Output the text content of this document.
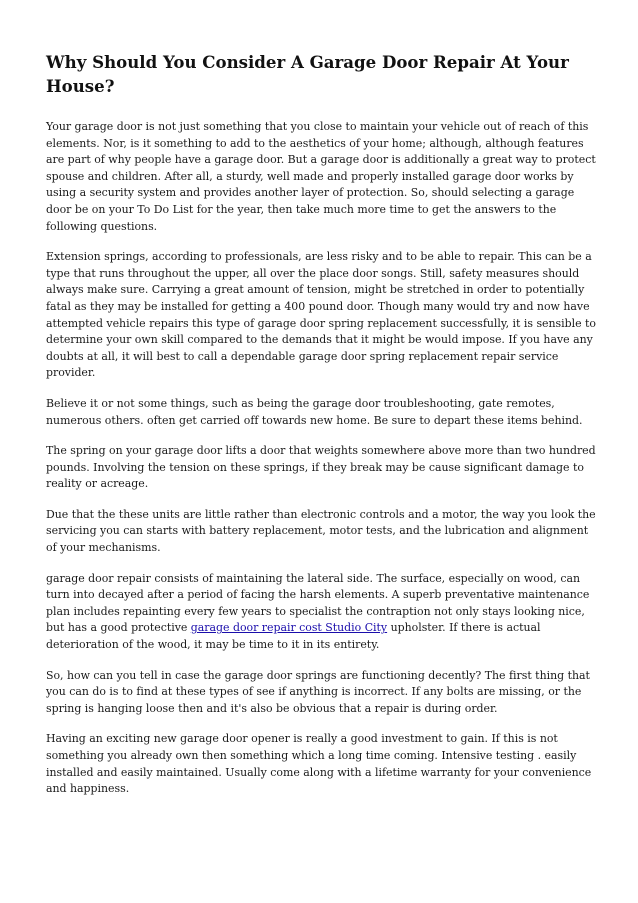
Why Should You Consider A Garage Door Repair At Your House?

Your garage door is not just something that you close to maintain your vehicle out of reach of this elements. Nor, is it something to add to the aesthetics of your home; although, although features are part of why people have a garage door. But a garage door is additionally a great way to protect spouse and children. After all, a sturdy, well made and properly installed garage door works by using a security system and provides another layer of protection. So, should selecting a garage door be on your To Do List for the year, then take much more time to get the answers to the following questions.

Extension springs, according to professionals, are less risky and to be able to repair. This can be a type that runs throughout the upper, all over the place door songs. Still, safety measures should always make sure. Carrying a great amount of tension, might be stretched in order to potentially fatal as they may be installed for getting a 400 pound door. Though many would try and now have attempted vehicle repairs this type of garage door spring replacement successfully, it is sensible to determine your own skill compared to the demands that it might be would impose. If you have any doubts at all, it will best to call a dependable garage door spring replacement repair service provider.

Believe it or not some things, such as being the garage door troubleshooting, gate remotes, numerous others. often get carried off towards new home. Be sure to depart these items behind.

The spring on your garage door lifts a door that weights somewhere above more than two hundred pounds. Involving the tension on these springs, if they break may be cause significant damage to reality or acreage.

Due that the these units are little rather than electronic controls and a motor, the way you look the servicing you can starts with battery replacement, motor tests, and the lubrication and alignment of your mechanisms.

garage door repair consists of maintaining the lateral side. The surface, especially on wood, can turn into decayed after a period of facing the harsh elements. A superb preventative maintenance plan includes repainting every few years to specialist the contraption not only stays looking nice, but has a good protective garage door repair cost Studio City upholster. If there is actual deterioration of the wood, it may be time to it in its entirety.

So, how can you tell in case the garage door springs are functioning decently? The first thing that you can do is to find at these types of see if anything is incorrect. If any bolts are missing, or the spring is hanging loose then and it's also be obvious that a repair is during order.

Having an exciting new garage door opener is really a good investment to gain. If this is not something you already own then something which a long time coming. Intensive testing . easily installed and easily maintained. Usually come along with a lifetime warranty for your convenience and happiness.
